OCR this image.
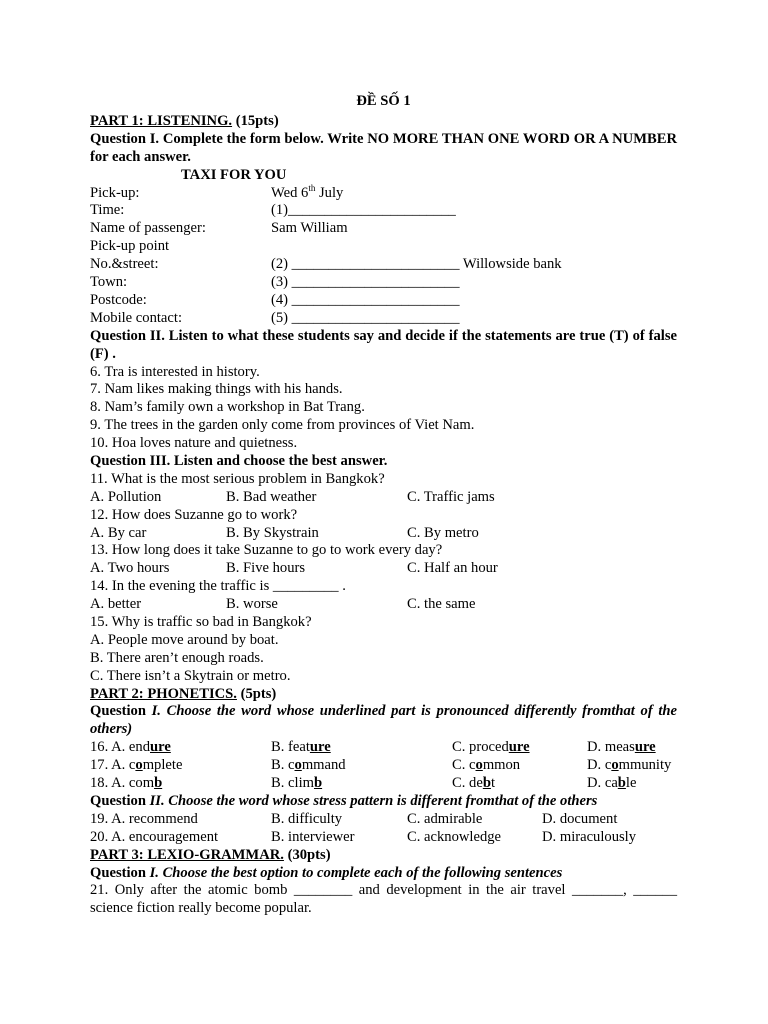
ĐỀ SỐ 1
PART 1: LISTENING. (15pts)
Question I. Complete the form below. Write NO MORE THAN ONE WORD OR A NUMBER for each answer.
TAXI FOR YOU
Pick-up:	Wed 6th July
Time:	(1)_______________________
Name of passenger:	Sam William
Pick-up point
No.&street:	(2) _______________________ Willowside bank
Town:	(3) _______________________
Postcode:	(4) _______________________
Mobile contact:	(5) _______________________
Question II. Listen to what these students say and decide if the statements are true (T) of false (F) .
6. Tra is interested in history.
7. Nam likes making things with his hands.
8. Nam’s family own a workshop in Bat Trang.
9. The trees in the garden only come from provinces of Viet Nam.
10. Hoa loves nature and quietness.
Question III. Listen and choose the best answer.
11. What is the most serious problem in Bangkok?
A. Pollution	B. Bad weather	C. Traffic jams
12. How does Suzanne go to work?
A. By car	B. By Skystrain	C. By metro
13. How long does it take Suzanne to go to work every day?
A. Two hours	B. Five hours	C. Half an hour
14. In the evening the traffic is _________ .
A. better	B. worse	C. the same
15. Why is traffic so bad in Bangkok?
A. People move around by boat.
B. There aren’t enough roads.
C. There isn’t a Skytrain or metro.
PART 2: PHONETICS. (5pts)
Question I. Choose the word whose underlined part is pronounced differently fromthat of the others)
16. A. endure	B. feature	C. procedure	D. measure
17. A. complete	B. command	C. common	D. community
18. A. comb	B. climb	C. debt	D. cable
Question II. Choose the word whose stress pattern is different fromthat of the others
19. A. recommend	B. difficulty	C. admirable	D. document
20. A. encouragement	B. interviewer	C. acknowledge	D. miraculously
PART 3: LEXIO-GRAMMAR. (30pts)
Question I. Choose the best option to complete each of the following sentences
21. Only after the atomic bomb ________ and development in the air travel _______, ______ science fiction really become popular.
